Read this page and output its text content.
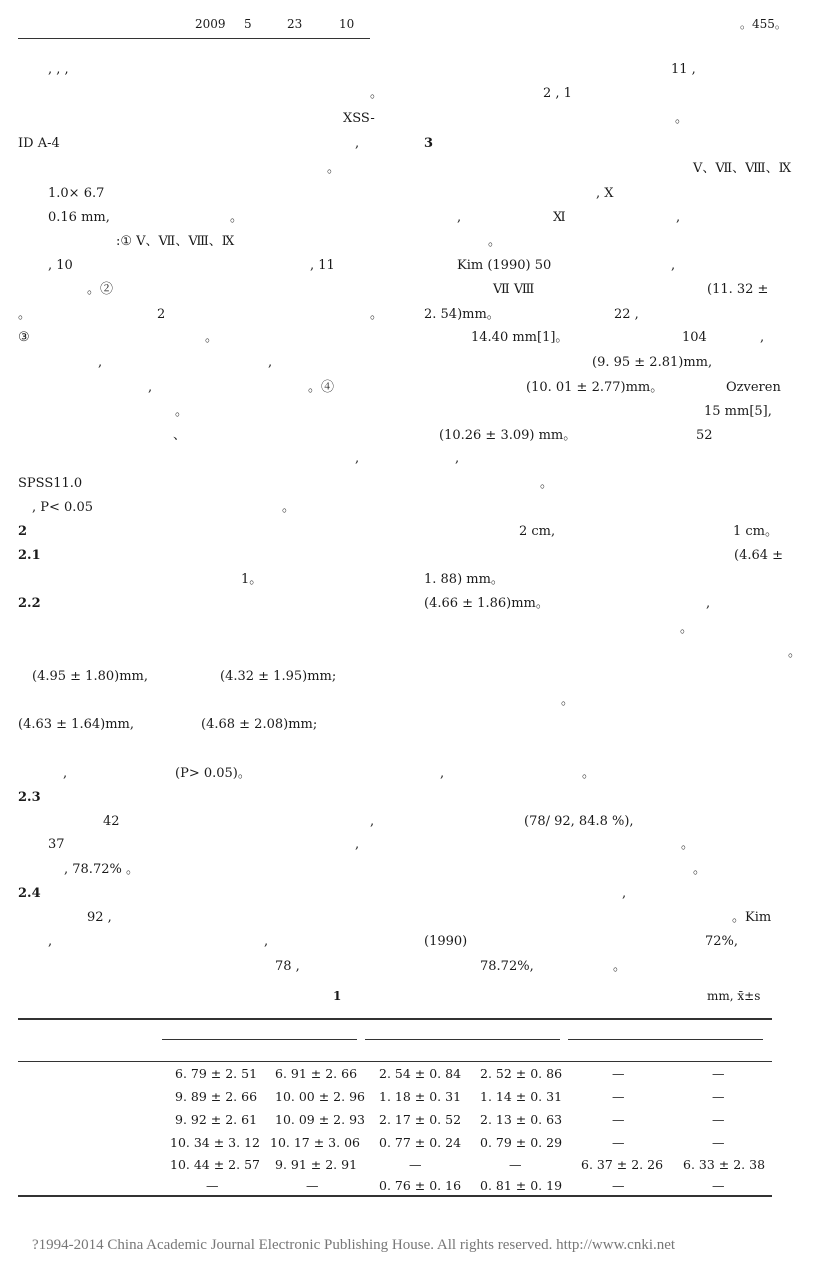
2009 5	23	10	。455。
, , ,
。
XSS-
ID A-4	,
。
1.0× 6.7
0.16 mm,	。
:① V、Ⅶ、Ⅷ、Ⅸ
, 10	, 11
。②
。	2	。
③	。
,	,
,	。④
。
、
,
SPSS11.0
, P< 0.05	。
2
2.1
1。
2.2
(4.95 ± 1.80)mm,	(4.32 ± 1.95)mm;
(4.63 ± 1.64)mm,	(4.68 ± 2.08)mm;
,	(P> 0.05)。
2.3
42	,
37	,
, 78.72% 。
2.4
92 ,
,	,
78 ,
11 ,
2 , 1
。
3
V、Ⅶ、Ⅷ、Ⅸ
, X
,	Ⅺ	,
。
Kim (1990) 50	,
Ⅶ Ⅷ	(11. 32 ±
2. 54)mm。	22 ,
14.40 mm[1]。	104	,
(9. 95 ± 2.81)mm,
(10. 01 ± 2.77)mm。	Ozveren
15 mm[5],
(10.26 ± 3.09) mm。	52
,
。
2 cm,	1 cm。
(4.64 ±
1. 88) mm。
(4.66 ± 1.86)mm。	,
。
。
。
,	。
(78/ 92, 84.8 %),
。
。
,
。Kim
(1990)	72%,
78.72%,	。
1	mm, x̄±s
6. 79 ± 2. 51 6. 91 ± 2. 66 2. 54 ± 0. 84 2. 52 ± 0. 86	—	—
9. 89 ± 2. 66 10. 00 ± 2. 96 1. 18 ± 0. 31 1. 14 ± 0. 31	—	—
9. 92 ± 2. 61 10. 09 ± 2. 93 2. 17 ± 0. 52 2. 13 ± 0. 63	—	—
10. 34 ± 3. 12 10. 17 ± 3. 06 0. 77 ± 0. 24 0. 79 ± 0. 29	—	—
10. 44 ± 2. 57 9. 91 ± 2. 91	—	—	6. 37 ± 2. 26 6. 33 ± 2. 38
—	—	0. 76 ± 0. 16 0. 81 ± 0. 19	—	—
?1994-2014 China Academic Journal Electronic Publishing House. All rights reserved. http://www.cnki.net
